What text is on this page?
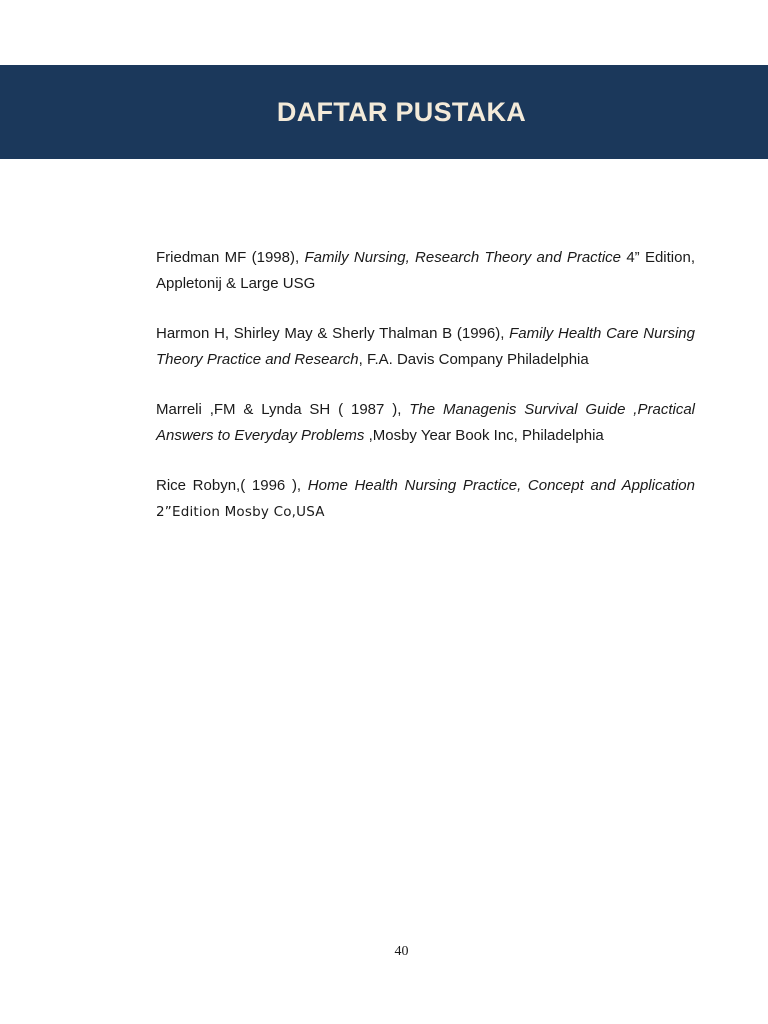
DAFTAR PUSTAKA

Friedman MF (1998), Family Nursing, Research Theory and Practice 4” Edition, Appletonij & Large USG

Harmon H, Shirley May & Sherly Thalman B (1996), Family Health Care Nursing Theory Practice and Research, F.A. Davis Company Philadelphia

Marreli ,FM & Lynda SH ( 1987 ), The Managenis Survival Guide ,Practical Answers to Everyday Problems ,Mosby Year Book Inc, Philadelphia

Rice Robyn,( 1996 ), Home Health Nursing Practice, Concept and Application 2”Edition Mosby Co,USA

40
